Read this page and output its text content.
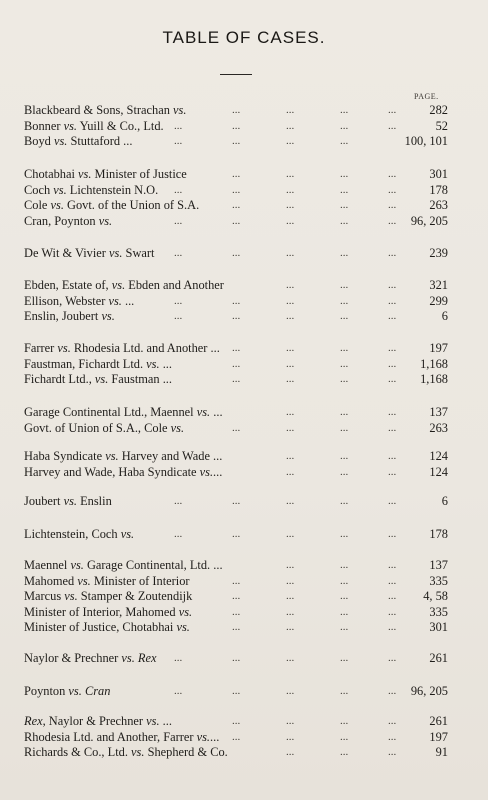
TABLE OF CASES.
PAGE.
Blackbeard & Sons, Strachan vs.	282
...	...	...	...
Bonner vs. Yuill & Co., Ltd.	52
...	...	...	...	...
Boyd vs. Stuttaford ...	100, 101
...	...	...	...
Chotabhai vs. Minister of Justice	301
...	...	...	...
Coch vs. Lichtenstein N.O.	178
...	...	...	...	...
Cole vs. Govt. of the Union of S.A.	263
...	...	...	...
Cran, Poynton vs.	96, 205
...	...	...	...	...
De Wit & Vivier vs. Swart	239
...	...	...	...	...
Ebden, Estate of, vs. Ebden and Another	321
...	...	...
Ellison, Webster vs. ...	299
...	...	...	...	...
Enslin, Joubert vs.	6
...	...	...	...	...
Farrer vs. Rhodesia Ltd. and Another ...	197
...	...	...	...
Faustman, Fichardt Ltd. vs. ...	1,168
...	...	...	...
Fichardt Ltd., vs. Faustman ...	1,168
...	...	...	...
Garage Continental Ltd., Maennel vs. ...	137
...	...	...
Govt. of Union of S.A., Cole vs.	263
...	...	...	...
Haba Syndicate vs. Harvey and Wade ...	124
...	...	...
Harvey and Wade, Haba Syndicate vs....	124
...	...	...
Joubert vs. Enslin	6
...	...	...	...	...
Lichtenstein, Coch vs.	178
...	...	...	...	...
Maennel vs. Garage Continental, Ltd. ...	137
...	...	...
Mahomed vs. Minister of Interior	335
...	...	...	...
Marcus vs. Stamper & Zoutendijk	4, 58
...	...	...	...
Minister of Interior, Mahomed vs.	335
...	...	...	...
Minister of Justice, Chotabhai vs.	301
...	...	...	...
Naylor & Prechner vs. Rex	261
...	...	...	...	...
Poynton vs. Cran	96, 205
...	...	...	...	...
Rex, Naylor & Prechner vs. ...	261
...	...	...	...
Rhodesia Ltd. and Another, Farrer vs....	197
...	...	...	...
Richards & Co., Ltd. vs. Shepherd & Co.	91
...	...	...
